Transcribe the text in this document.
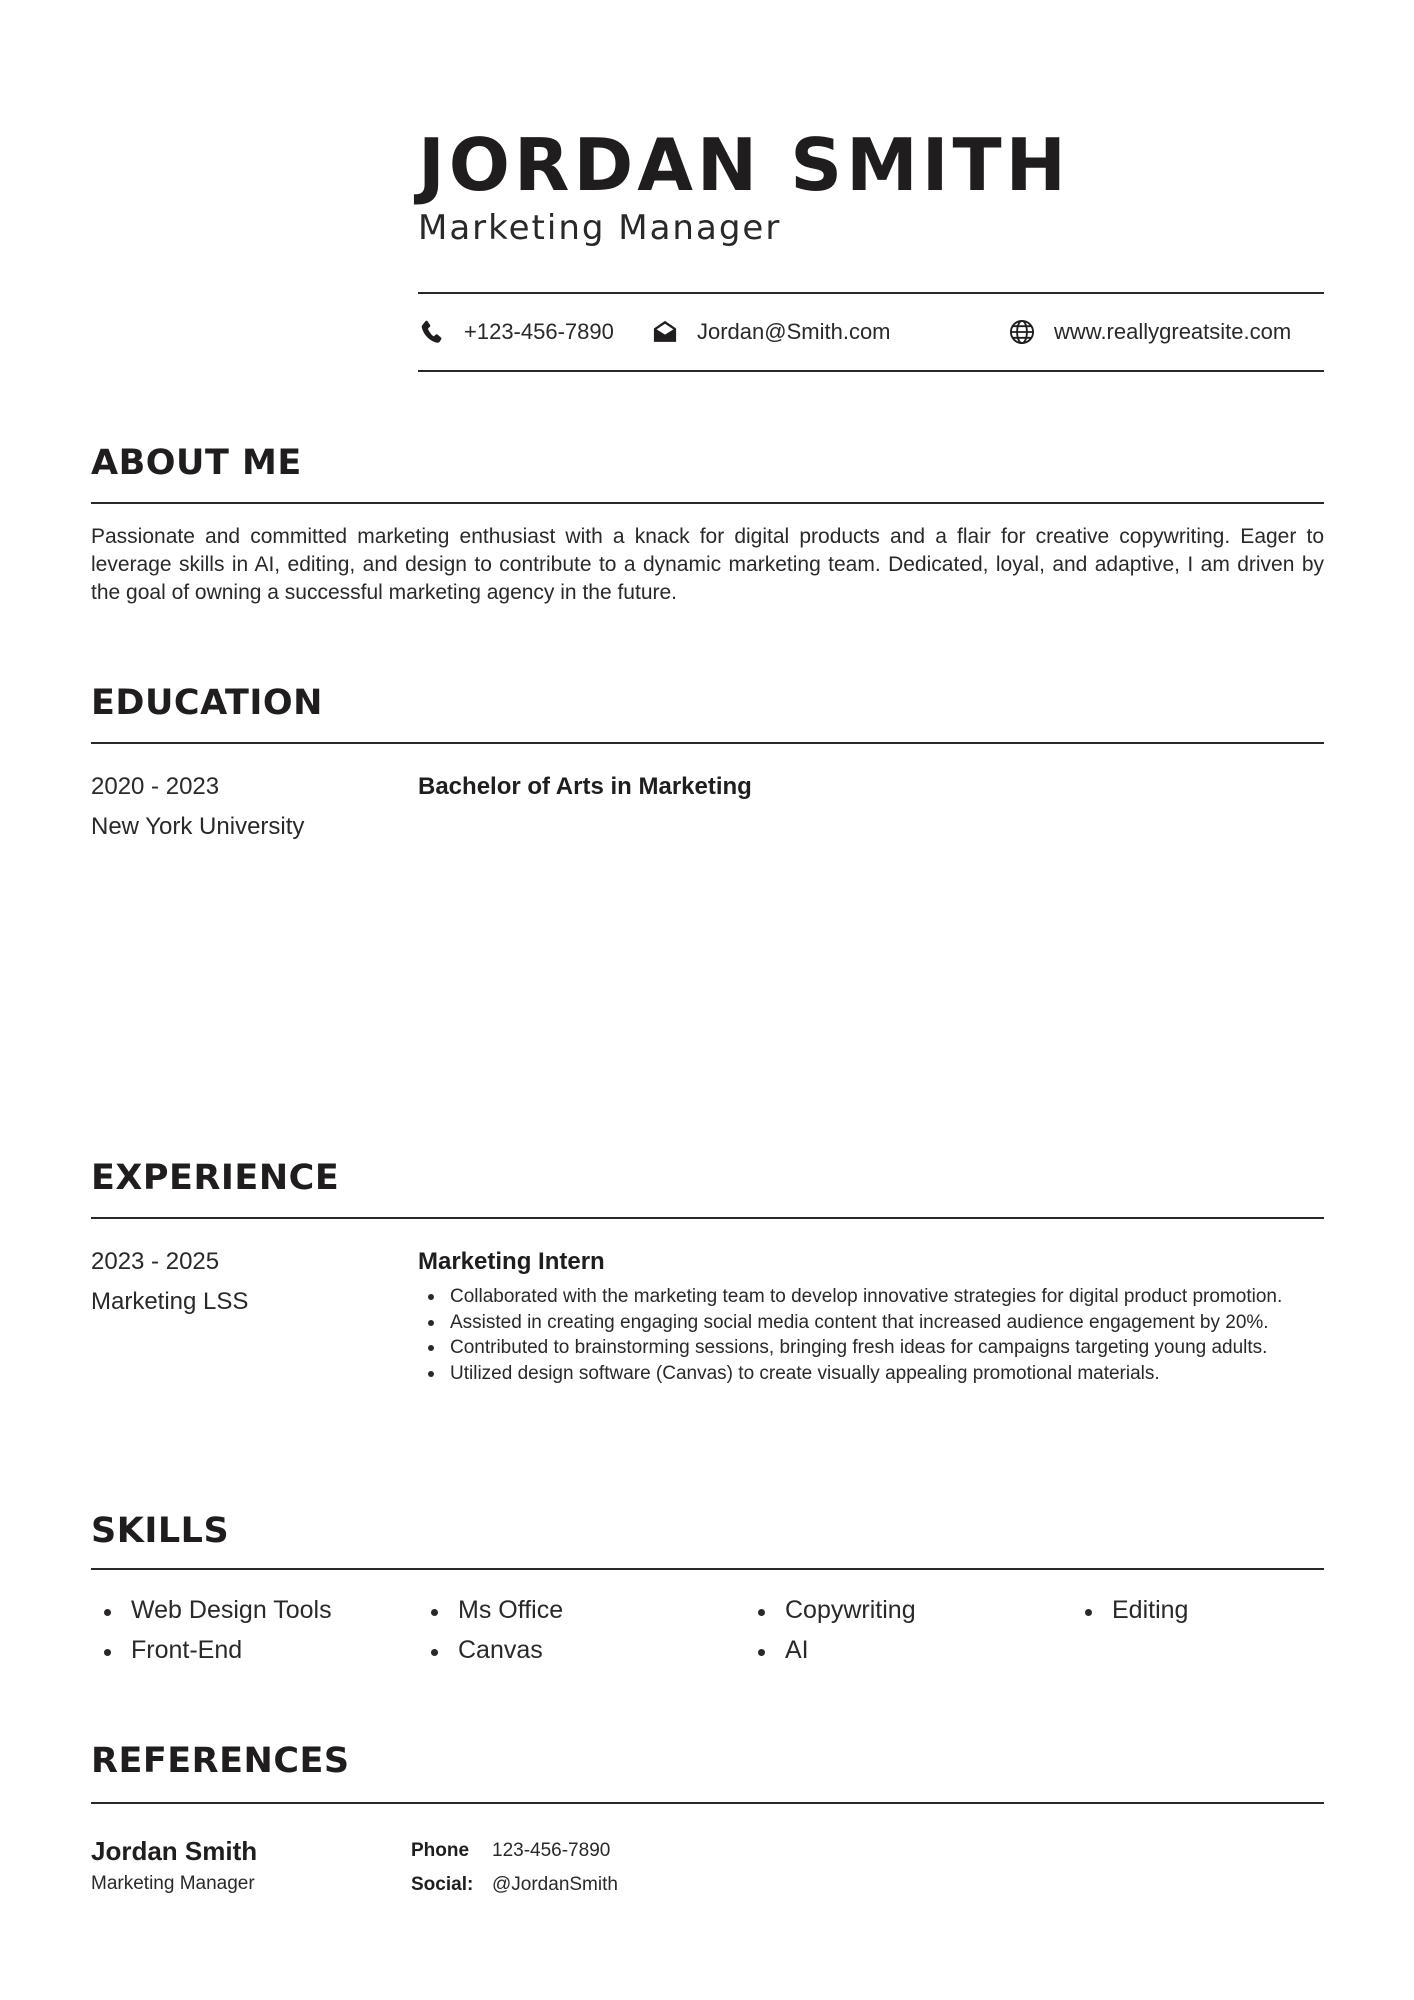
JORDAN SMITH
Marketing Manager
+123-456-7890	Jordan@Smith.com	www.reallygreatsite.com
ABOUT ME
Passionate and committed marketing enthusiast with a knack for digital products and a flair for creative copywriting. Eager to leverage skills in AI, editing, and design to contribute to a dynamic marketing team. Dedicated, loyal, and adaptive, I am driven by the goal of owning a successful marketing agency in the future.
EDUCATION
2020 - 2023
New York University
Bachelor of Arts in Marketing
EXPERIENCE
2023 - 2025
Marketing LSS
Marketing Intern
Collaborated with the marketing team to develop innovative strategies for digital product promotion.
Assisted in creating engaging social media content that increased audience engagement by 20%.
Contributed to brainstorming sessions, bringing fresh ideas for campaigns targeting young adults.
Utilized design software (Canvas) to create visually appealing promotional materials.
SKILLS
Web Design Tools
Front-End
Ms Office
Canvas
Copywriting
AI
Editing
REFERENCES
Jordan Smith
Marketing Manager
Phone 123-456-7890
Social: @JordanSmith
